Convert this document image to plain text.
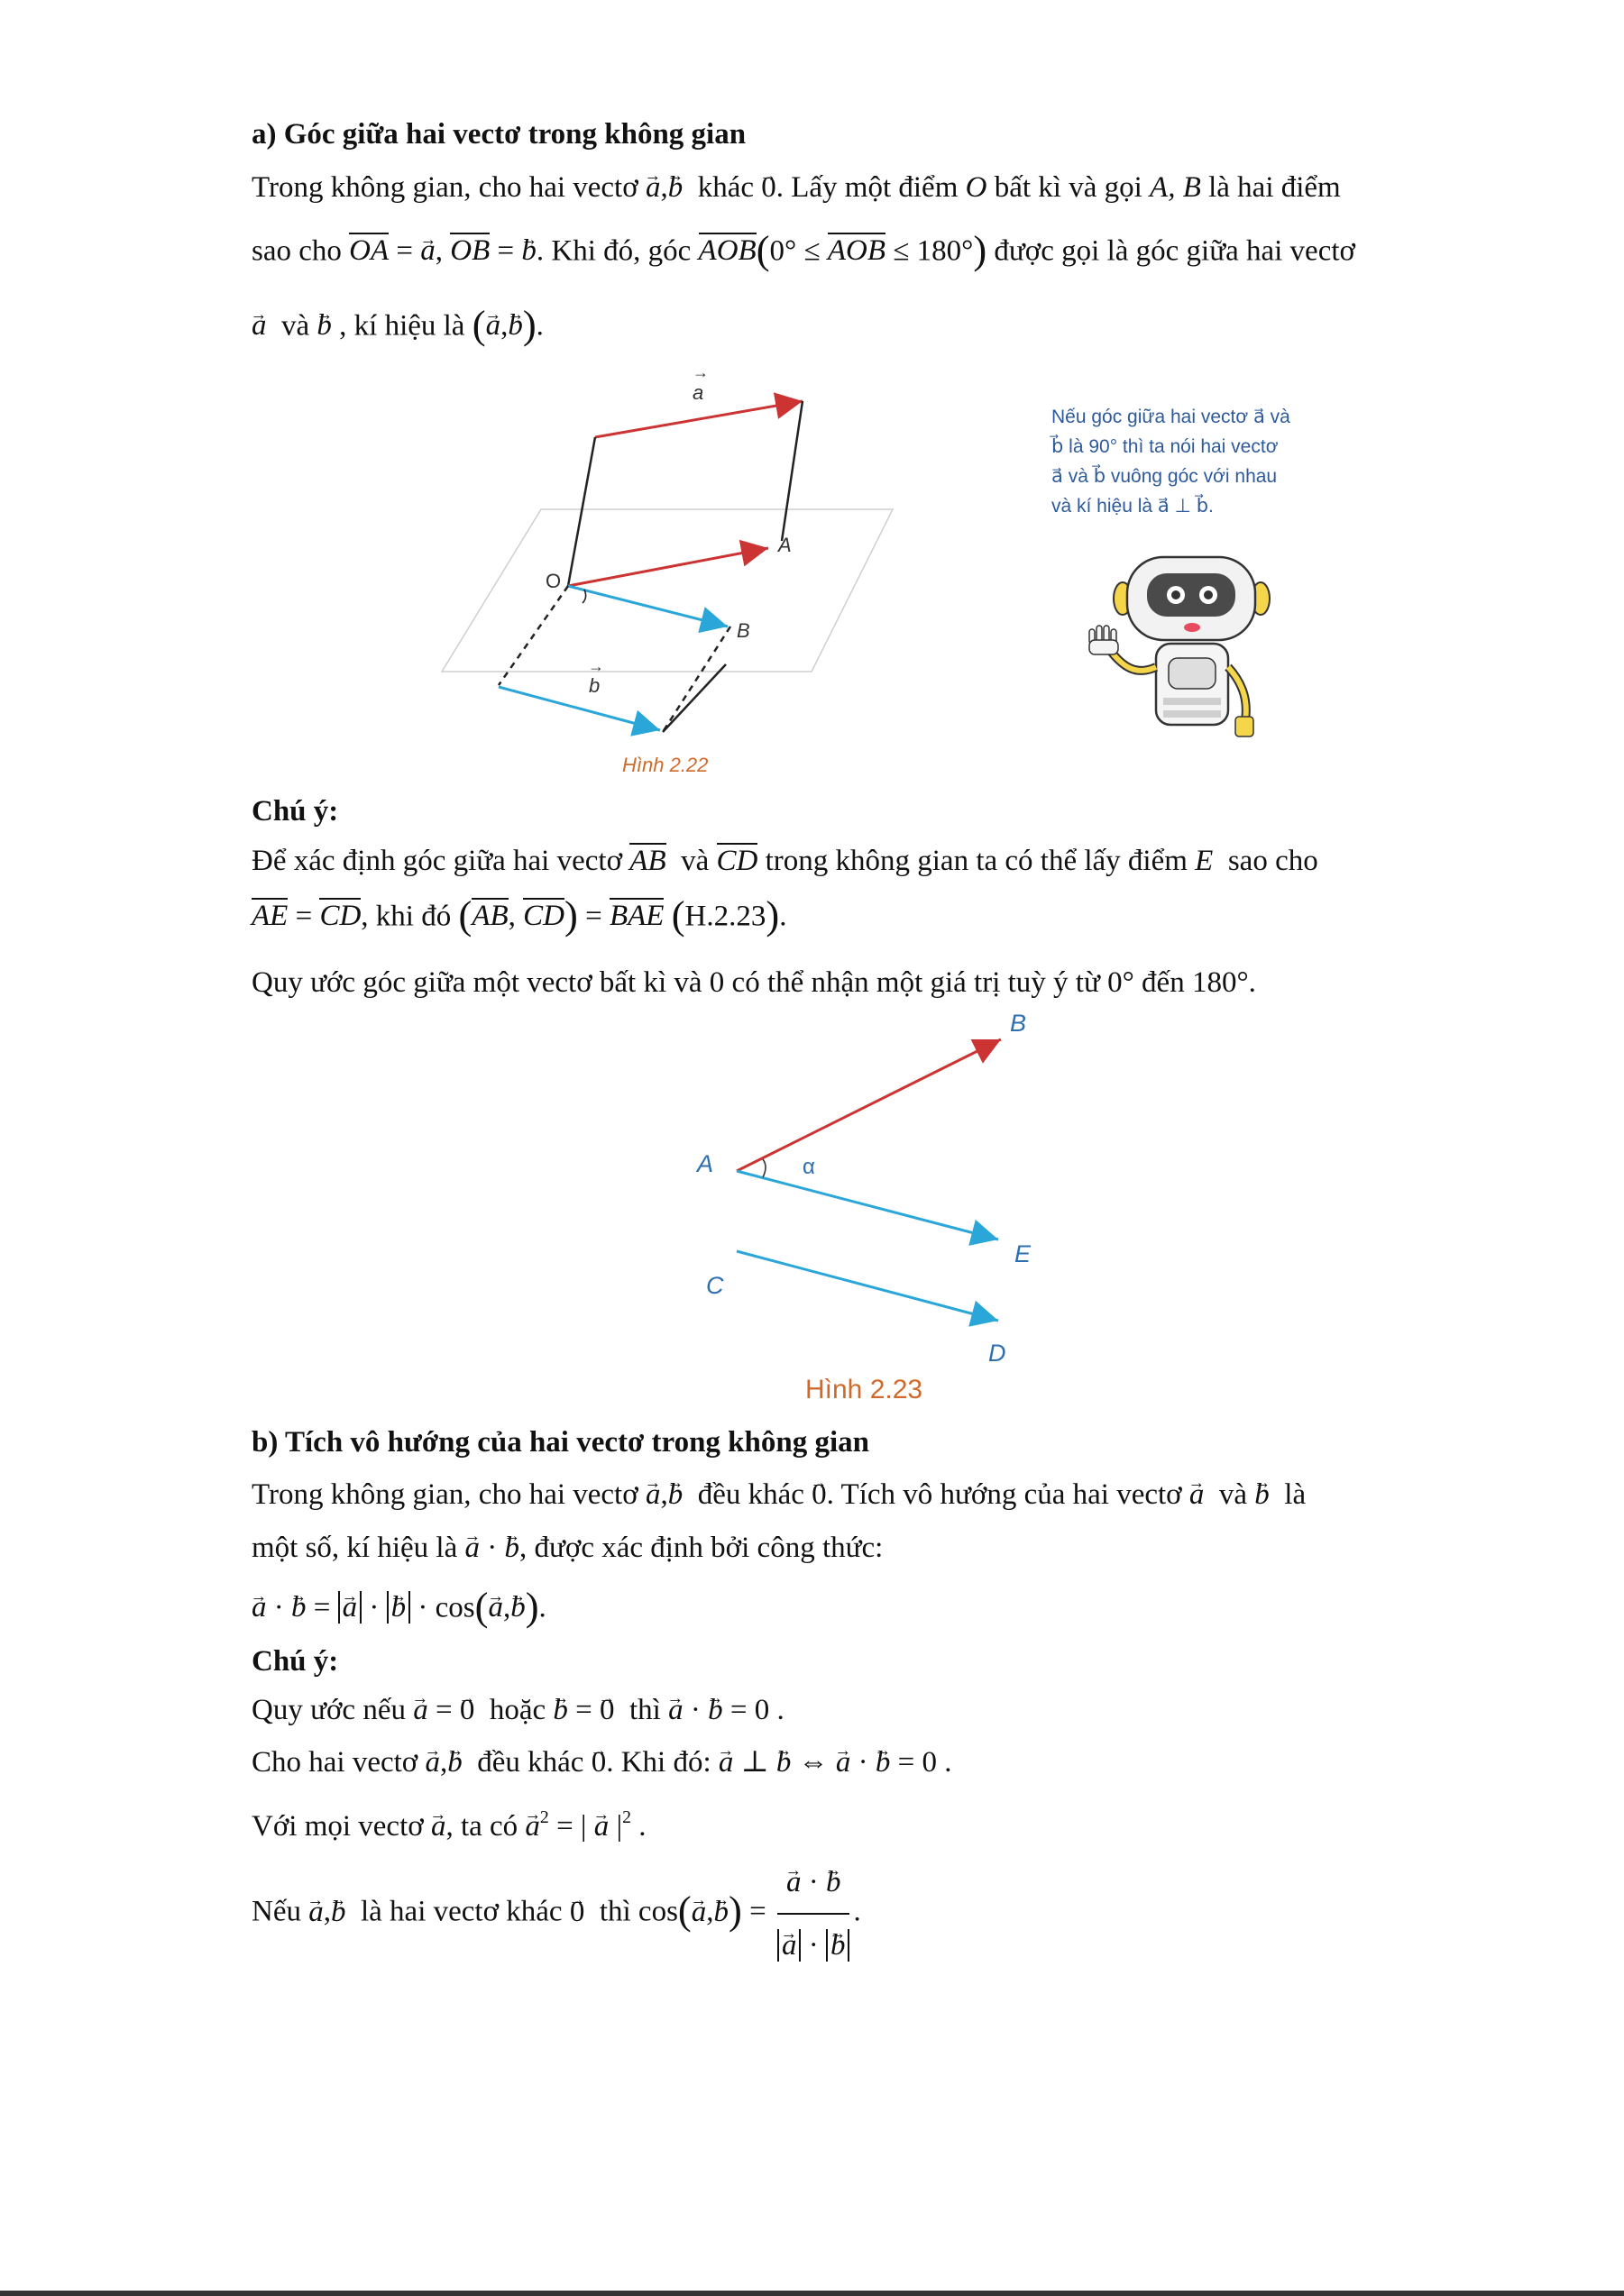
a) Góc giữa hai vectơ trong không gian
Trong không gian, cho hai vectơ → a,→ b khác → 0. Lấy một điểm O bất kì và gọi A, B là hai điểm
sao cho OA = → a, OB = → b. Khi đó, góc AOB(0° ≤ AOB ≤ 180°) được gọi là góc giữa hai vectơ
→ a và → b , kí hiệu là (→ a,→ b).
a
→
O
A
B
b
→
Hình 2.22
Nếu góc giữa hai vectơ a⃗ và
b⃗ là 90° thì ta nói hai vectơ
a⃗ và b⃗ vuông góc với nhau
và kí hiệu là a⃗ ⊥ b⃗.
Chú ý:
Để xác định góc giữa hai vectơ AB và CD trong không gian ta có thể lấy điểm E sao cho
AE = CD, khi đó (AB, CD) = BAE (H.2.23).
Quy ước góc giữa một vectơ bất kì và 0 có thể nhận một giá trị tuỳ ý từ 0° đến 180°.
B
A	α
E
C
D
Hình 2.23
b) Tích vô hướng của hai vectơ trong không gian
Trong không gian, cho hai vectơ → a,→ b đều khác → 0. Tích vô hướng của hai vectơ → a và → b là
một số, kí hiệu là → a · → b, được xác định bởi công thức:
→ a · → b = → a · → b · cos(→ a,→ b).
Chú ý:
Quy ước nếu → a = → 0 hoặc → b = → 0 thì → a · → b = 0 .
Cho hai vectơ → a,→ b đều khác → 0. Khi đó: → a ⊥ → b ⇔ → a · → b = 0 .
Với mọi vectơ → a, ta có → $a^2$ = | → a $|^2$ .
Nếu → a,→ b là hai vectơ khác → 0 thì cos(→ a,→ b) = → a · → b
→ a · → b .
